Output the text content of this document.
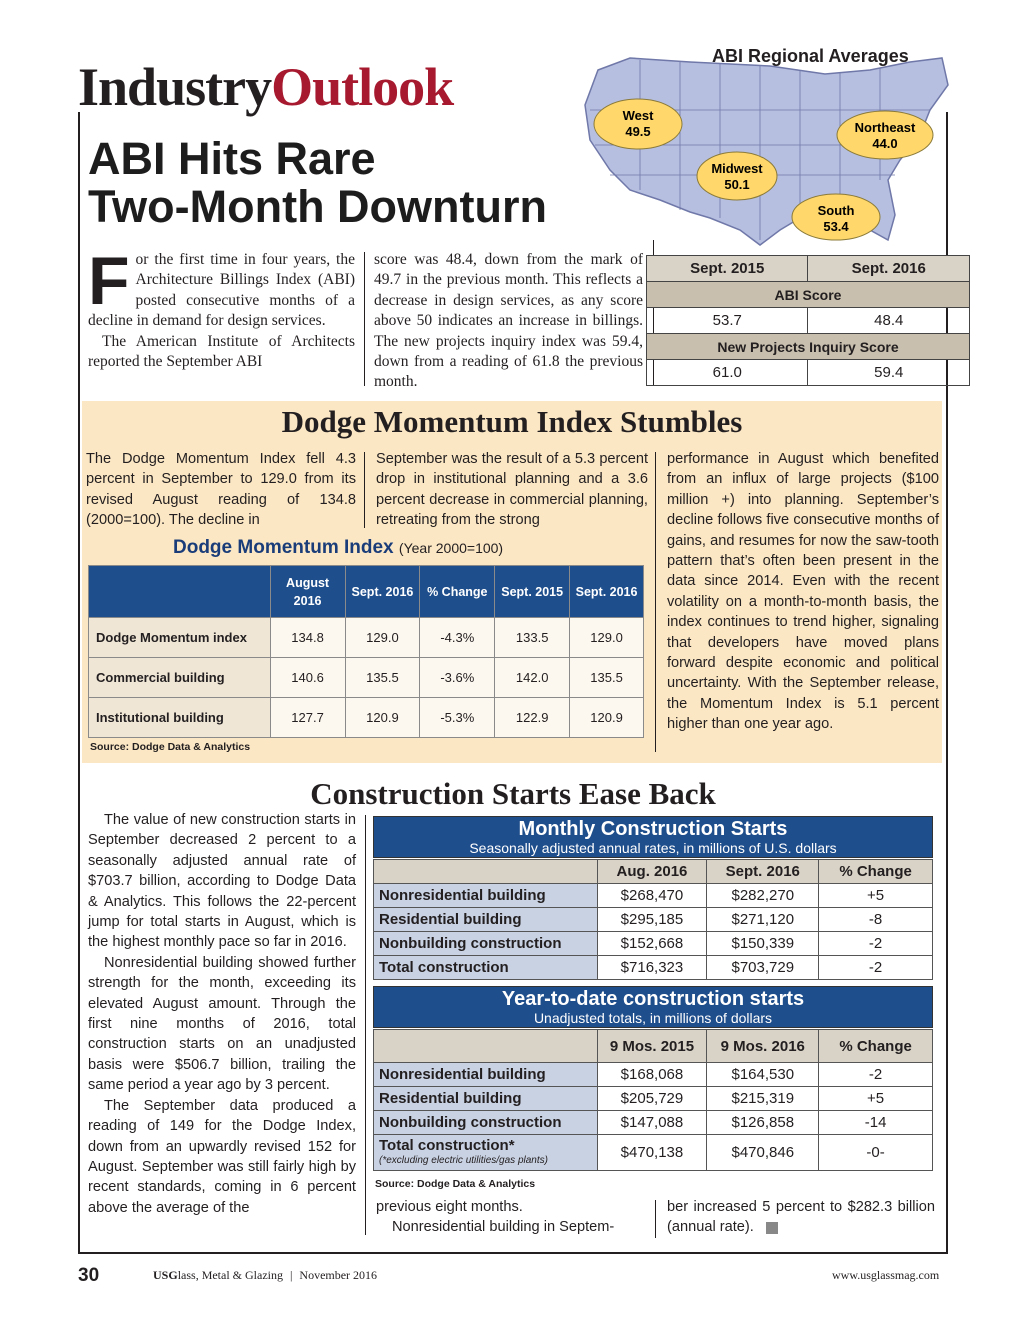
IndustryOutlook	West
49.5	Northeast
44.0
Midwest
50.1
South
53.4
ABI Regional Averages
ABI Hits Rare
Two-Month Downturn
F or the first time in four years, the Architecture Billings Index (ABI) posted consecutive months of a decline in demand for design services.
The American Institute of Architects reported the September ABI
score was 48.4, down from the mark of 49.7 in the previous month. This reflects a decrease in design services, as any score above 50 indicates an increase in billings. The new projects inquiry index was 59.4, down from a reading of 61.8 the previous month.
Sept. 2015	Sept. 2016
ABI Score	
53.7	48.4
New Projects Inquiry Score	
61.0	59.4
Dodge Momentum Index Stumbles
The Dodge Momentum Index fell 4.3 percent in September to 129.0 from its revised August reading of 134.8 (2000=100). The decline in
September was the result of a 5.3 percent drop in institutional planning and a 3.6 percent decrease in commercial planning, retreating from the strong
performance in August which benefited from an influx of large projects ($100 million +) into planning. September’s decline follows five consecutive months of gains, and resumes for now the saw-tooth pattern that’s often been present in the data since 2014. Even with the recent volatility on a month-to-month basis, the index continues to trend higher, signaling that developers have moved plans forward despite economic and political uncertainty. With the September release, the Momentum Index is 5.1 percent higher than one year ago.
Dodge Momentum Index (Year 2000=100)
	August 2016	Sept. 2016	% Change	Sept. 2015	Sept. 2016
Dodge Momentum index	134.8	129.0	-4.3%	133.5	129.0
Commercial building	140.6	135.5	-3.6%	142.0	135.5
Institutional building	127.7	120.9	-5.3%	122.9	120.9
Source: Dodge Data & Analytics
Construction Starts Ease Back
The value of new construction starts in September decreased 2 percent to a seasonally adjusted annual rate of $703.7 billion, according to Dodge Data & Analytics. This follows the 22-percent jump for total starts in August, which is the highest monthly pace so far in 2016.
Nonresidential building showed further strength for the month, exceeding its elevated August amount. Through the first nine months of 2016, total construction starts on an unadjusted basis were $506.7 billion, trailing the same period a year ago by 3 percent.
The September data produced a reading of 149 for the Dodge Index, down from an upwardly revised 152 for August. September was still fairly high by recent standards, coming in 6 percent above the average of the
Monthly Construction Starts
Seasonally adjusted annual rates, in millions of U.S. dollars
	Aug. 2016	Sept. 2016	% Change
Nonresidential building	$268,470	$282,270	+5
Residential building	$295,185	$271,120	-8
Nonbuilding construction	$152,668	$150,339	-2
Total construction	$716,323	$703,729	-2
Year-to-date construction starts
Unadjusted totals, in millions of dollars
	9 Mos. 2015	9 Mos. 2016	% Change
Nonresidential building	$168,068	$164,530	-2
Residential building	$205,729	$215,319	+5
Nonbuilding construction	$147,088	$126,858	-14

Total construction*
(*excluding electric utilities/gas plants)	$470,138	$470,846	-0-
Source: Dodge Data & Analytics
previous eight months.
Nonresidential building in Septem-
ber increased 5 percent to $282.3 billion (annual rate).
30	USGlass, Metal & Glazing | November 2016	www.usglassmag.com
